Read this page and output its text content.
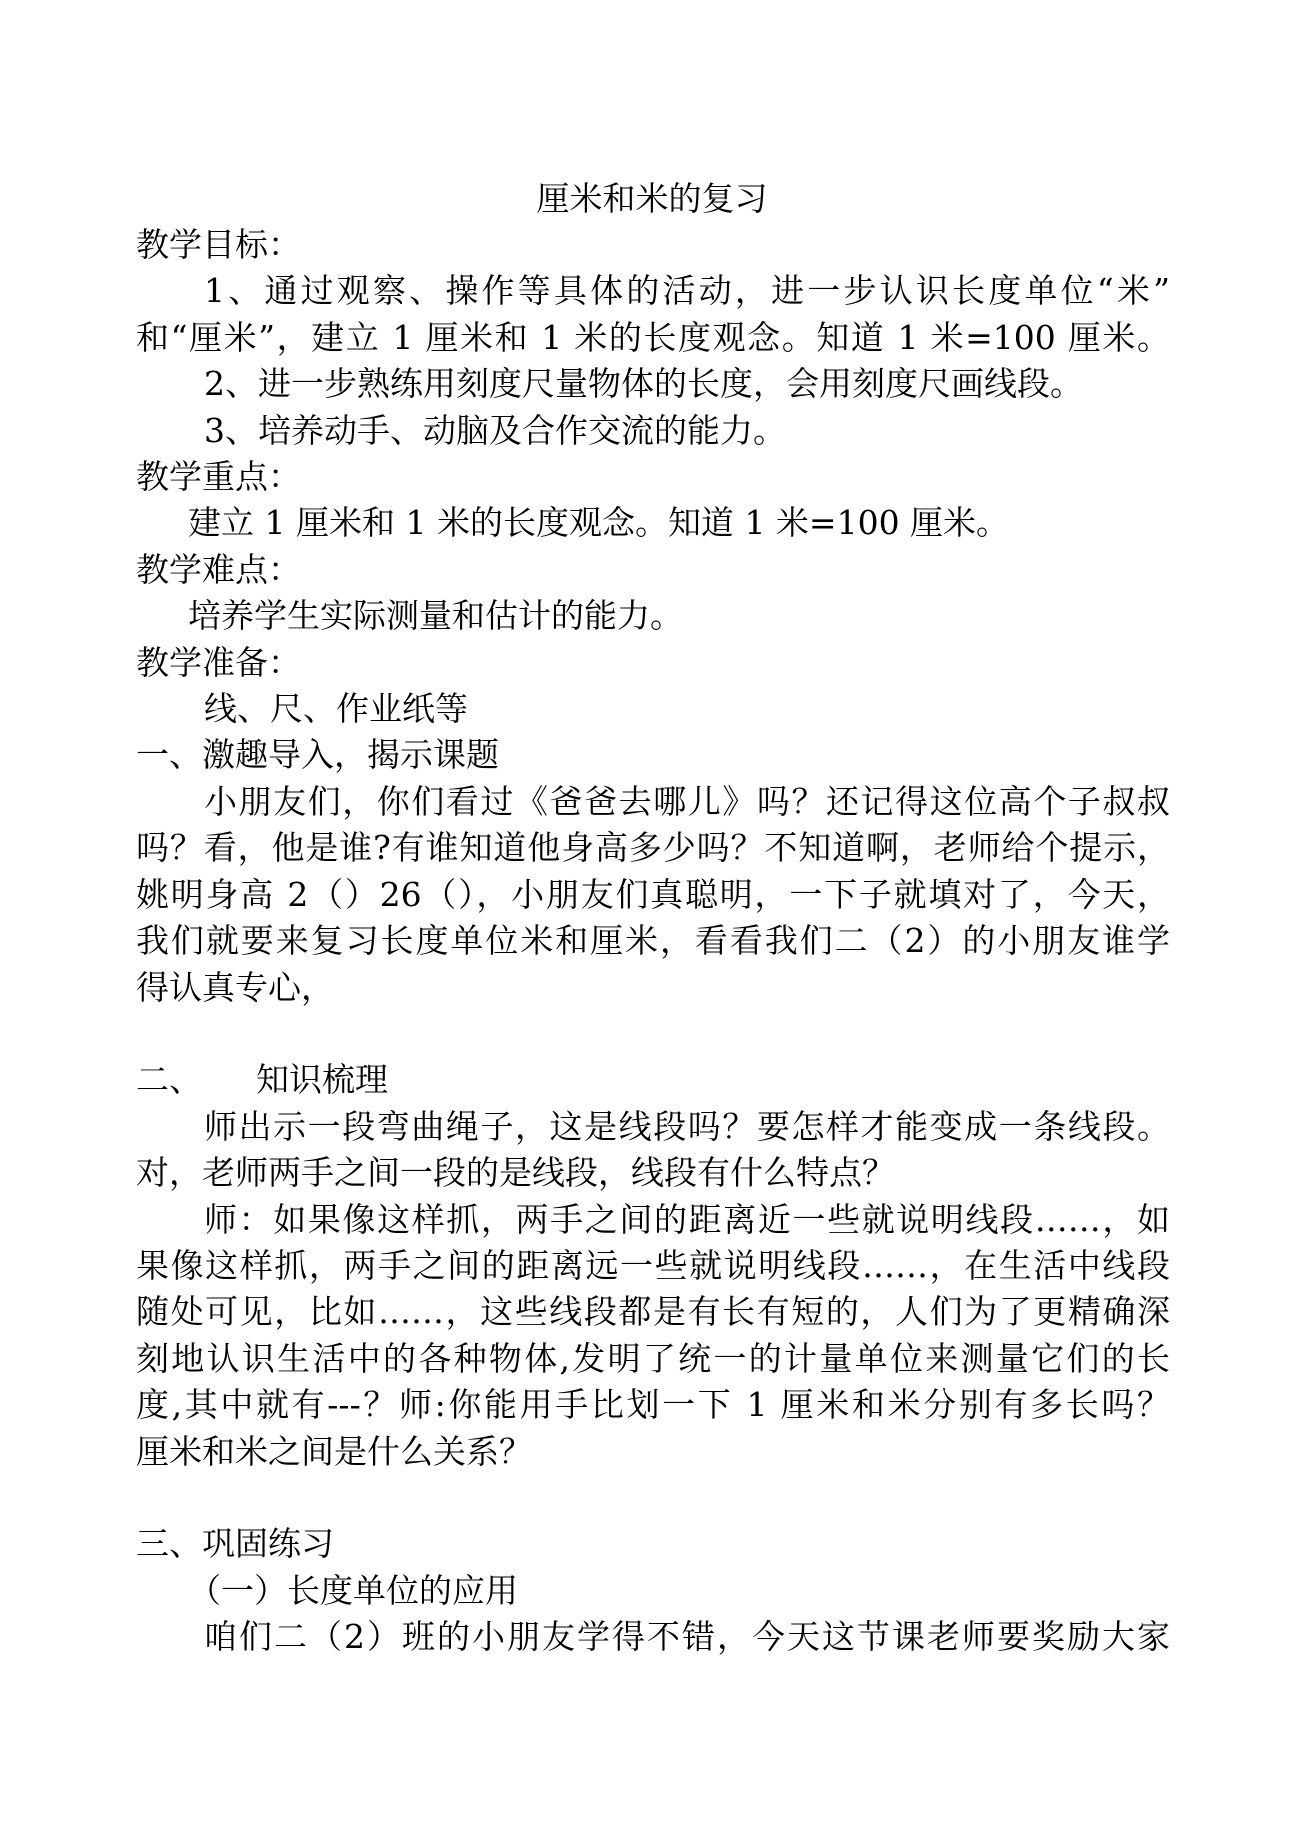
厘米和米的复习

教学目标：

1、通过观察、操作等具体的活动，进一步认识长度单位“米”

和“厘米”，建立 1 厘米和 1 米的长度观念。知道 1 米=100 厘米。

2、进一步熟练用刻度尺量物体的长度，会用刻度尺画线段。

3、培养动手、动脑及合作交流的能力。

教学重点：

建立 1 厘米和 1 米的长度观念。知道 1 米=100 厘米。

教学难点：

培养学生实际测量和估计的能力。

教学准备：

线、尺、作业纸等

一、激趣导入，揭示课题

小朋友们，你们看过《爸爸去哪儿》吗？还记得这位高个子叔叔

吗？看，他是谁?有谁知道他身高多少吗？不知道啊，老师给个提示，

姚明身高 2（）26（），小朋友们真聪明，一下子就填对了，今天，

我们就要来复习长度单位米和厘米，看看我们二（2）的小朋友谁学

得认真专心，

二、 知识梳理

师出示一段弯曲绳子，这是线段吗？要怎样才能变成一条线段。

对，老师两手之间一段的是线段，线段有什么特点？

师：如果像这样抓，两手之间的距离近一些就说明线段……，如

果像这样抓，两手之间的距离远一些就说明线段……，在生活中线段

随处可见，比如……，这些线段都是有长有短的，人们为了更精确深

刻地认识生活中的各种物体,发明了统一的计量单位来测量它们的长

度,其中就有---？师:你能用手比划一下 1 厘米和米分别有多长吗？

厘米和米之间是什么关系？

三、巩固练习

（一）长度单位的应用

咱们二（2）班的小朋友学得不错，今天这节课老师要奖励大家
